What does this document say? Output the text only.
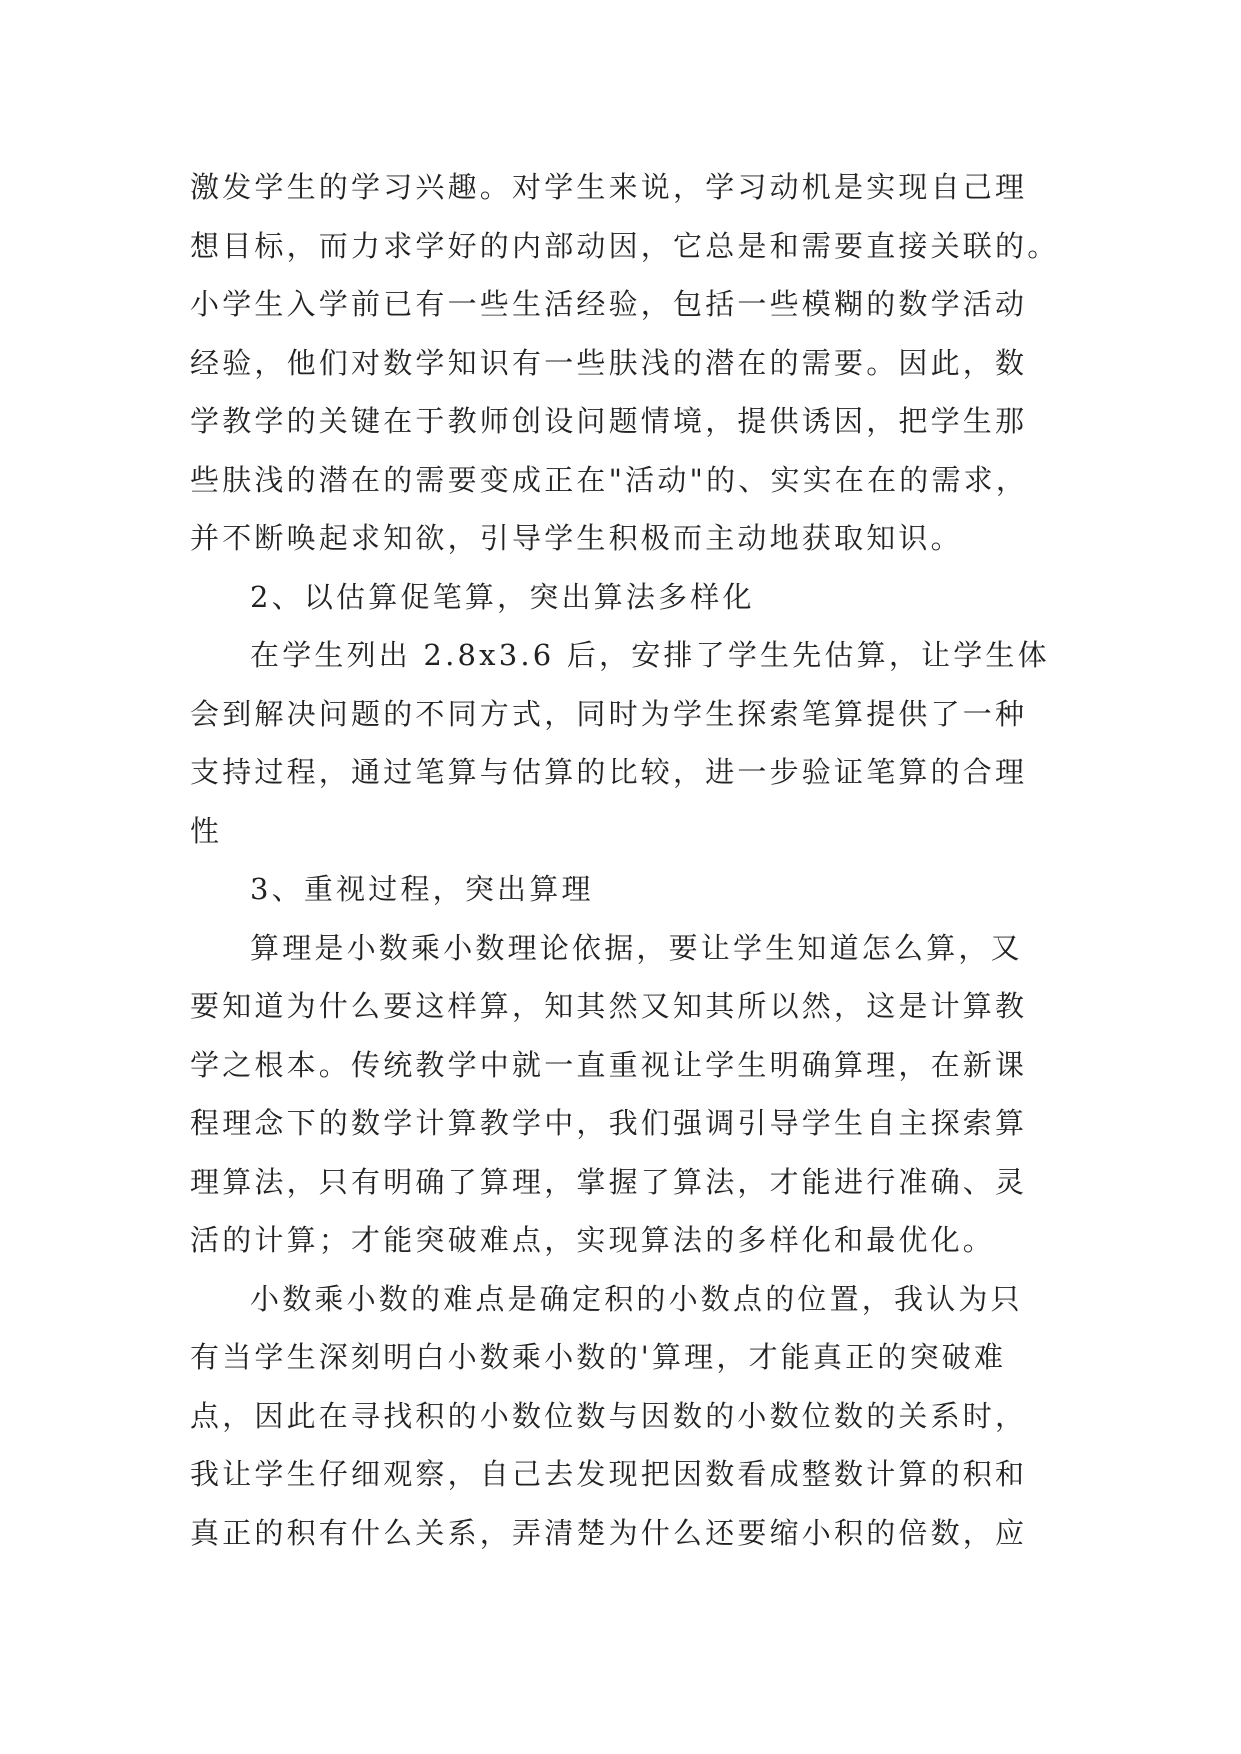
激发学生的学习兴趣。对学生来说，学习动机是实现自己理
想目标，而力求学好的内部动因，它总是和需要直接关联的。
小学生入学前已有一些生活经验，包括一些模糊的数学活动
经验，他们对数学知识有一些肤浅的潜在的需要。因此，数
学教学的关键在于教师创设问题情境，提供诱因，把学生那
些肤浅的潜在的需要变成正在"活动"的、实实在在的需求，
并不断唤起求知欲，引导学生积极而主动地获取知识。
2、以估算促笔算，突出算法多样化
在学生列出 2.8x3.6 后，安排了学生先估算，让学生体
会到解决问题的不同方式，同时为学生探索笔算提供了一种
支持过程，通过笔算与估算的比较，进一步验证笔算的合理
性
3、重视过程，突出算理
算理是小数乘小数理论依据，要让学生知道怎么算，又
要知道为什么要这样算，知其然又知其所以然，这是计算教
学之根本。传统教学中就一直重视让学生明确算理，在新课
程理念下的数学计算教学中，我们强调引导学生自主探索算
理算法，只有明确了算理，掌握了算法，才能进行准确、灵
活的计算；才能突破难点，实现算法的多样化和最优化。
小数乘小数的难点是确定积的小数点的位置，我认为只
有当学生深刻明白小数乘小数的'算理，才能真正的突破难
点，因此在寻找积的小数位数与因数的小数位数的关系时，
我让学生仔细观察，自己去发现把因数看成整数计算的积和
真正的积有什么关系，弄清楚为什么还要缩小积的倍数，应
